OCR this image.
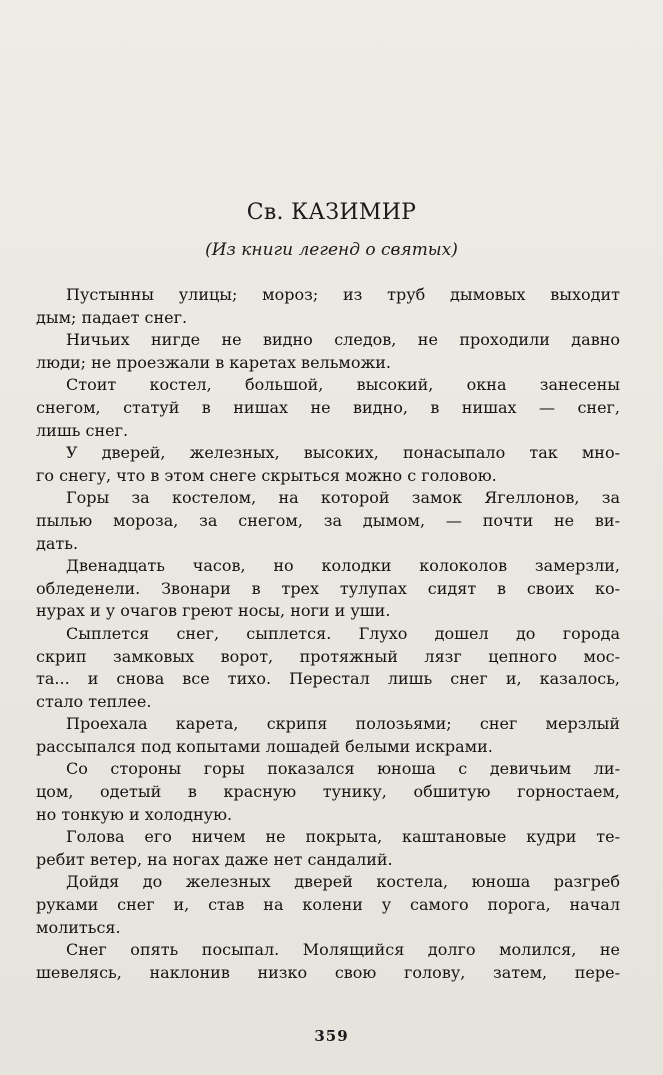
Св. КАЗИМИР
(Из книги легенд о святых)
Пустынны улицы; мороз; из труб дымовых выходит
дым; падает снег.
Ничьих нигде не видно следов, не проходили давно
люди; не проезжали в каретах вельможи.
Стоит костел, большой, высокий, окна занесены
снегом, статуй в нишах не видно, в нишах — снег,
лишь снег.
У дверей, железных, высоких, понасыпало так мно-
го снегу, что в этом снеге скрыться можно с головою.
Горы за костелом, на которой замок Ягеллонов, за
пылью мороза, за снегом, за дымом, — почти не ви-
дать.
Двенадцать часов, но колодки колоколов замерзли,
обледенели. Звонари в трех тулупах сидят в своих ко-
нурах и у очагов греют носы, ноги и уши.
Сыплется снег, сыплется. Глухо дошел до города
скрип замковых ворот, протяжный лязг цепного мос-
та... и снова все тихо. Перестал лишь снег и, казалось,
стало теплее.
Проехала карета, скрипя полозьями; снег мерзлый
рассыпался под копытами лошадей белыми искрами.
Со стороны горы показался юноша с девичьим ли-
цом, одетый в красную тунику, обшитую горностаем,
но тонкую и холодную.
Голова его ничем не покрыта, каштановые кудри те-
ребит ветер, на ногах даже нет сандалий.
Дойдя до железных дверей костела, юноша разгреб
руками снег и, став на колени у самого порога, начал
молиться.
Снег опять посыпал. Молящийся долго молился, не
шевелясь, наклонив низко свою голову, затем, пере-
359
